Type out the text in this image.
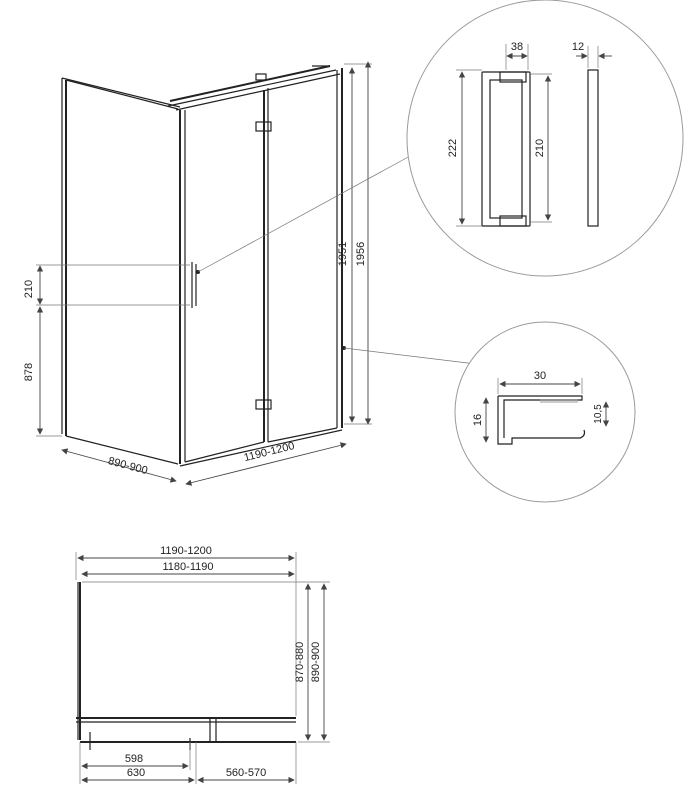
210
878
890-900
1190-1200
1951 1956
38	12
222	210
30
16	10,5
1190-1200
1180-1190
870-880 890-900
598
630	560-570
